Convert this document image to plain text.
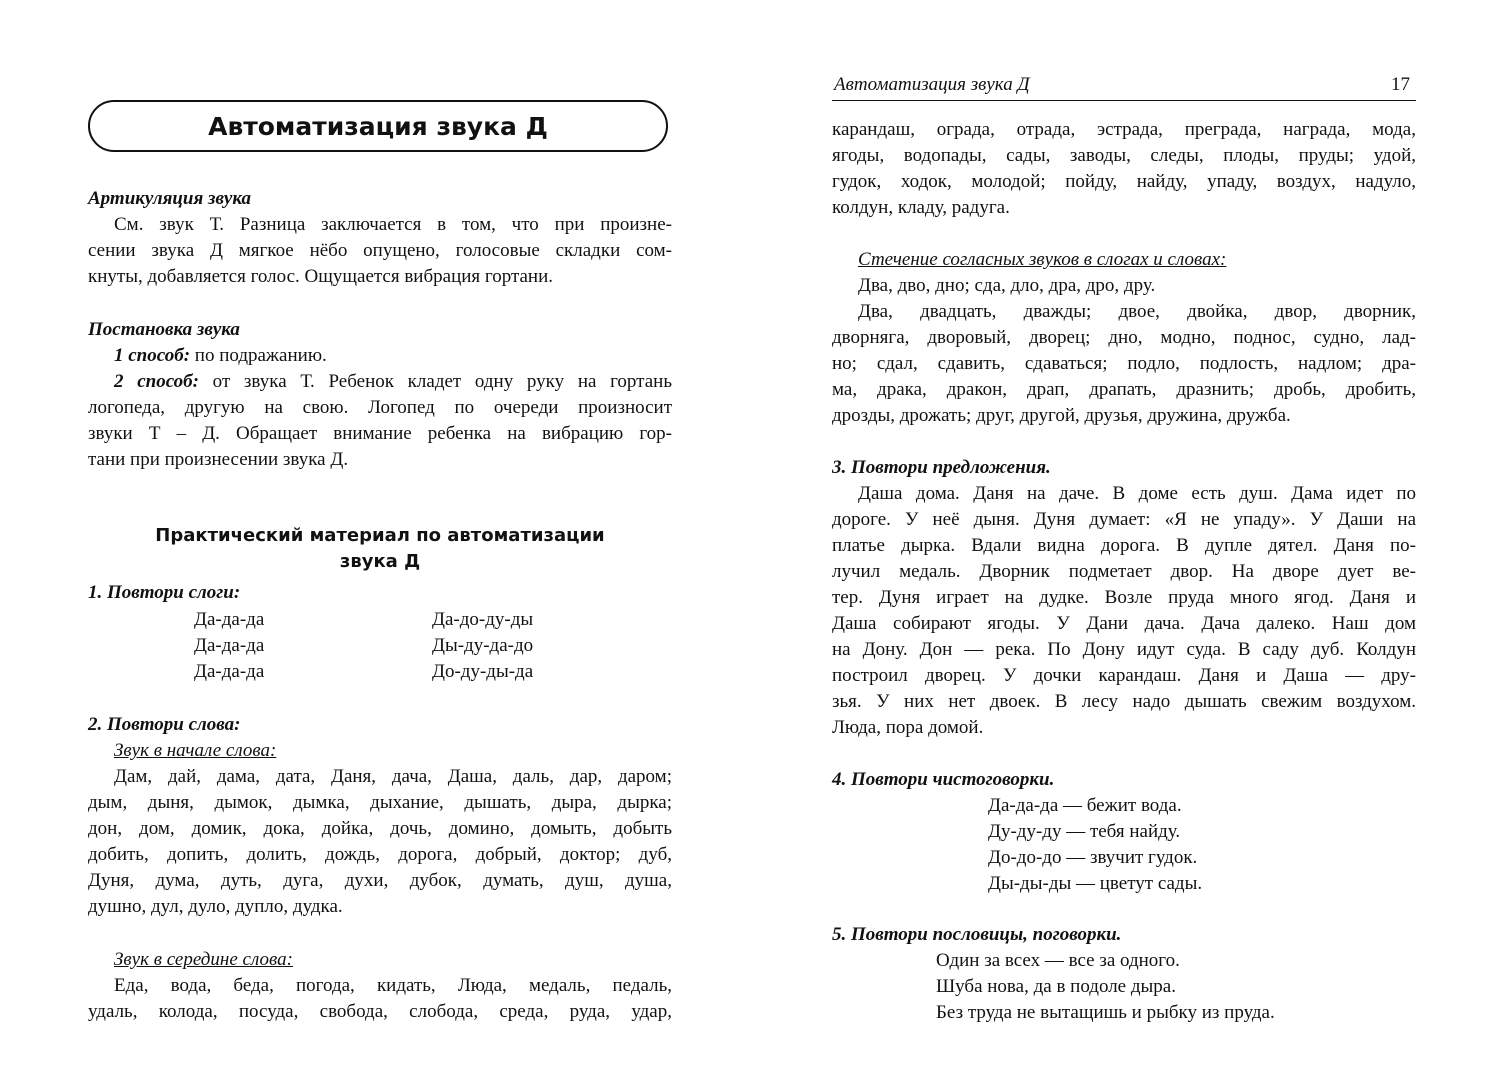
Автоматизация звука Д
Артикуляция звука
См. звук Т. Разница заключается в том, что при произне-
сении звука Д мягкое нёбо опущено, голосовые складки сом-
кнуты, добавляется голос. Ощущается вибрация гортани.
Постановка звука
1 способ: по подражанию.
2 способ: от звука Т. Ребенок кладет одну руку на гортань
логопеда, другую на свою. Логопед по очереди произносит
звуки Т – Д. Обращает внимание ребенка на вибрацию гор-
тани при произнесении звука Д.
Практический материал по автоматизации
звука Д
1. Повтори слоги:
Да-да-да
Да-да-да
Да-да-да
Да-до-ду-ды
Ды-ду-да-до
До-ду-ды-да
2. Повтори слова:
Звук в начале слова:
Дам, дай, дама, дата, Даня, дача, Даша, даль, дар, даром;
дым, дыня, дымок, дымка, дыхание, дышать, дыра, дырка;
дон, дом, домик, дока, дойка, дочь, домино, домыть, добыть
добить, допить, долить, дождь, дорога, добрый, доктор; дуб,
Дуня, дума, дуть, дуга, духи, дубок, думать, душ, душа,
душно, дул, дуло, дупло, дудка.
Звук в середине слова:
Еда, вода, беда, погода, кидать, Люда, медаль, педаль,
удаль, колода, посуда, свобода, слобода, среда, руда, удар,
Автоматизация звука Д	17
карандаш, ограда, отрада, эстрада, преграда, награда, мода,
ягоды, водопады, сады, заводы, следы, плоды, пруды; удой,
гудок, ходок, молодой; пойду, найду, упаду, воздух, надуло,
колдун, кладу, радуга.
Стечение согласных звуков в слогах и словах:
Два, дво, дно; сда, дло, дра, дро, дру.
Два, двадцать, дважды; двое, двойка, двор, дворник,
дворняга, дворовый, дворец; дно, модно, поднос, судно, лад-
но; сдал, сдавить, сдаваться; подло, подлость, надлом; дра-
ма, драка, дракон, драп, драпать, дразнить; дробь, дробить,
дрозды, дрожать; друг, другой, друзья, дружина, дружба.
3. Повтори предложения.
Даша дома. Даня на даче. В доме есть душ. Дама идет по
дороге. У неё дыня. Дуня думает: «Я не упаду». У Даши на
платье дырка. Вдали видна дорога. В дупле дятел. Даня по-
лучил медаль. Дворник подметает двор. На дворе дует ве-
тер. Дуня играет на дудке. Возле пруда много ягод. Даня и
Даша собирают ягоды. У Дани дача. Дача далеко. Наш дом
на Дону. Дон — река. По Дону идут суда. В саду дуб. Колдун
построил дворец. У дочки карандаш. Даня и Даша — дру-
зья. У них нет двоек. В лесу надо дышать свежим воздухом.
Люда, пора домой.
4. Повтори чистоговорки.
Да-да-да — бежит вода.
Ду-ду-ду — тебя найду.
До-до-до — звучит гудок.
Ды-ды-ды — цветут сады.
5. Повтори пословицы, поговорки.
Один за всех — все за одного.
Шуба нова, да в подоле дыра.
Без труда не вытащишь и рыбку из пруда.
